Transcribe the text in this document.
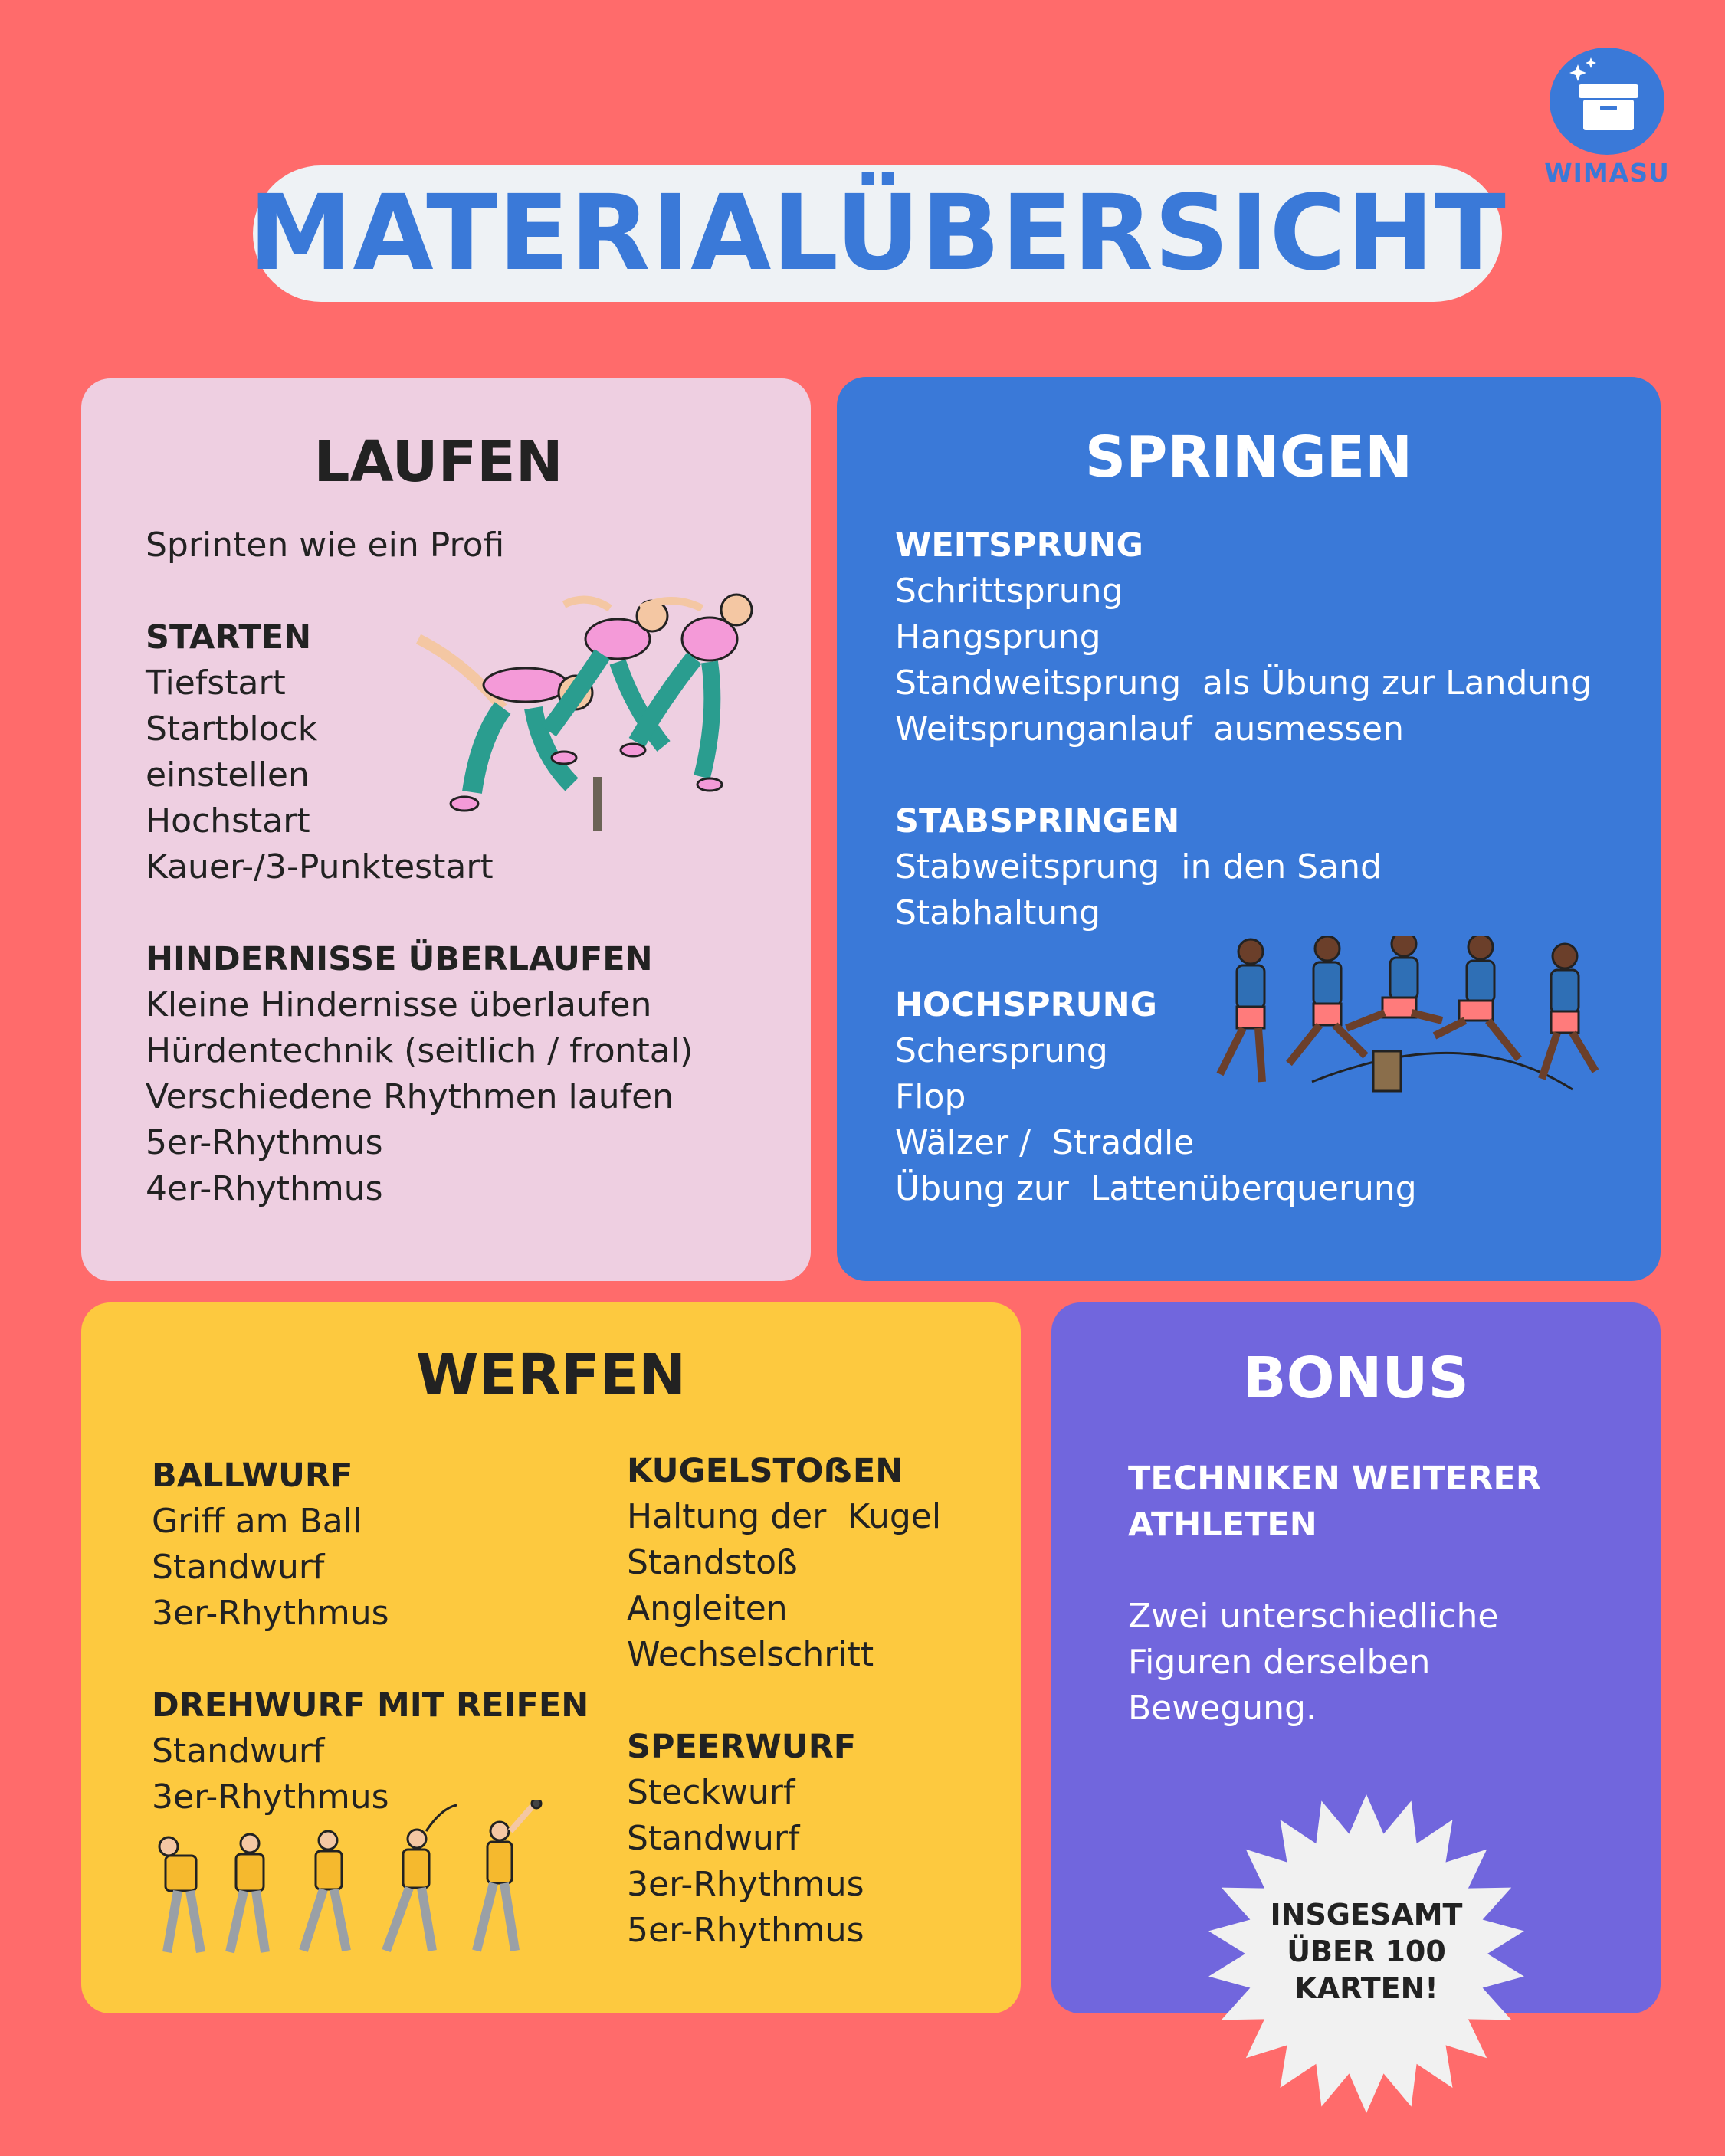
WIMASU
MATERIALÜBERSICHT
LAUFEN
Sprinten wie ein Profi
STARTEN
Tiefstart
Startblock
einstellen
Hochstart
Kauer-/3-Punktestart
HINDERNISSE ÜBERLAUFEN
Kleine Hindernisse überlaufen
Hürdentechnik (seitlich / frontal)
Verschiedene Rhythmen laufen
5er-Rhythmus
4er-Rhythmus
SPRINGEN
WEITSPRUNG
Schrittsprung
Hangsprung
Standweitsprung  als Übung zur Landung
Weitsprunganlauf  ausmessen
STABSPRINGEN
Stabweitsprung  in den Sand
Stabhaltung
HOCHSPRUNG
Schersprung
Flop
Wälzer /  Straddle
Übung zur  Lattenüberquerung
WERFEN
BALLWURF
Griff am Ball
Standwurf
3er-Rhythmus
DREHWURF MIT REIFEN
Standwurf
3er-Rhythmus
KUGELSTOẞEN
Haltung der  Kugel
Standstoß
Angleiten
Wechselschritt
SPEERWURF
Steckwurf
Standwurf
3er-Rhythmus
5er-Rhythmus
BONUS
TECHNIKEN WEITERER
ATHLETEN
Zwei unterschiedliche
Figuren derselben
Bewegung.
INSGESAMT
ÜBER 100
KARTEN!
